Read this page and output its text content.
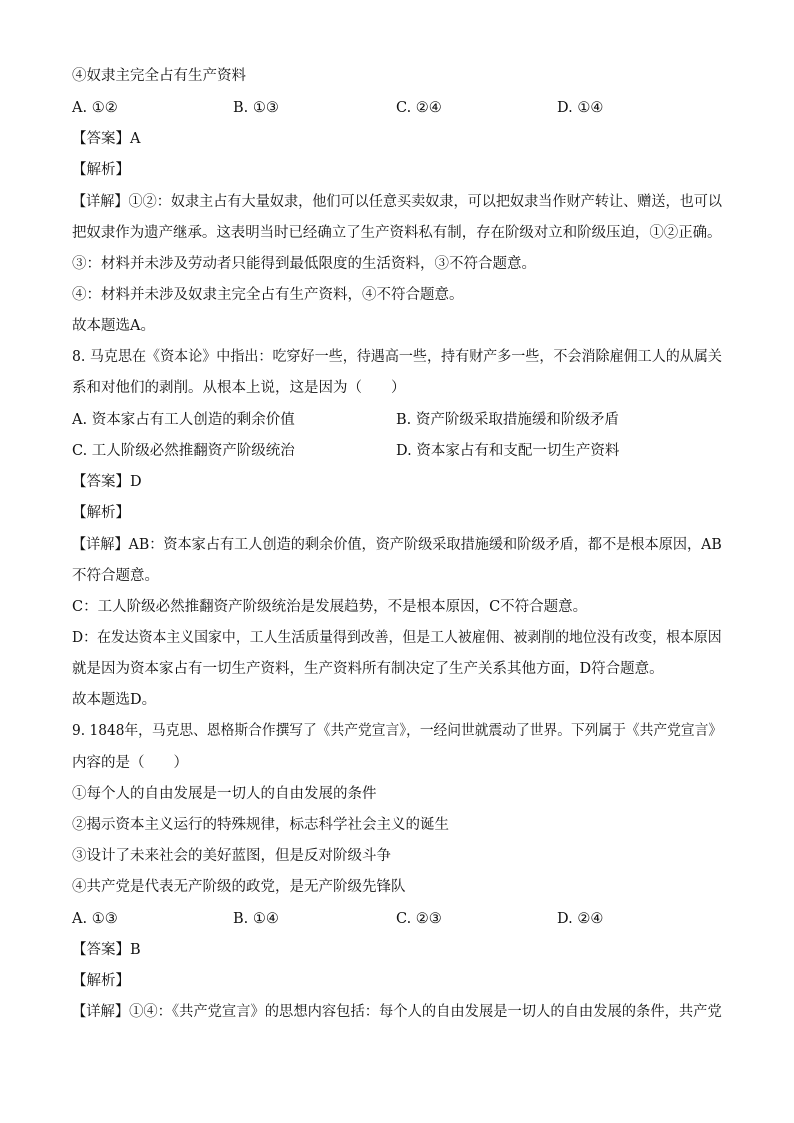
④奴隶主完全占有生产资料
A. ①②	B. ①③	C. ②④	D. ①④
【答案】A
【解析】
【详解】①②：奴隶主占有大量奴隶，他们可以任意买卖奴隶，可以把奴隶当作财产转让、赠送，也可以
把奴隶作为遗产继承。这表明当时已经确立了生产资料私有制，存在阶级对立和阶级压迫，①②正确。
③：材料并未涉及劳动者只能得到最低限度的生活资料，③不符合题意。
④：材料并未涉及奴隶主完全占有生产资料，④不符合题意。
故本题选A。
8. 马克思在《资本论》中指出：吃穿好一些，待遇高一些，持有财产多一些，不会消除雇佣工人的从属关
系和对他们的剥削。从根本上说，这是因为（　　）
A. 资本家占有工人创造的剩余价值	B. 资产阶级采取措施缓和阶级矛盾
C. 工人阶级必然推翻资产阶级统治	D. 资本家占有和支配一切生产资料
【答案】D
【解析】
【详解】AB：资本家占有工人创造的剩余价值，资产阶级采取措施缓和阶级矛盾，都不是根本原因，AB
不符合题意。
C：工人阶级必然推翻资产阶级统治是发展趋势，不是根本原因，C不符合题意。
D：在发达资本主义国家中，工人生活质量得到改善，但是工人被雇佣、被剥削的地位没有改变，根本原因
就是因为资本家占有一切生产资料，生产资料所有制决定了生产关系其他方面，D符合题意。
故本题选D。
9. 1848年，马克思、恩格斯合作撰写了《共产党宣言》，一经问世就震动了世界。下列属于《共产党宣言》
内容的是（　　）
①每个人的自由发展是一切人的自由发展的条件
②揭示资本主义运行的特殊规律，标志科学社会主义的诞生
③设计了未来社会的美好蓝图，但是反对阶级斗争
④共产党是代表无产阶级的政党，是无产阶级先锋队
A. ①③	B. ①④	C. ②③	D. ②④
【答案】B
【解析】
【详解】①④：《共产党宣言》的思想内容包括：每个人的自由发展是一切人的自由发展的条件，共产党
